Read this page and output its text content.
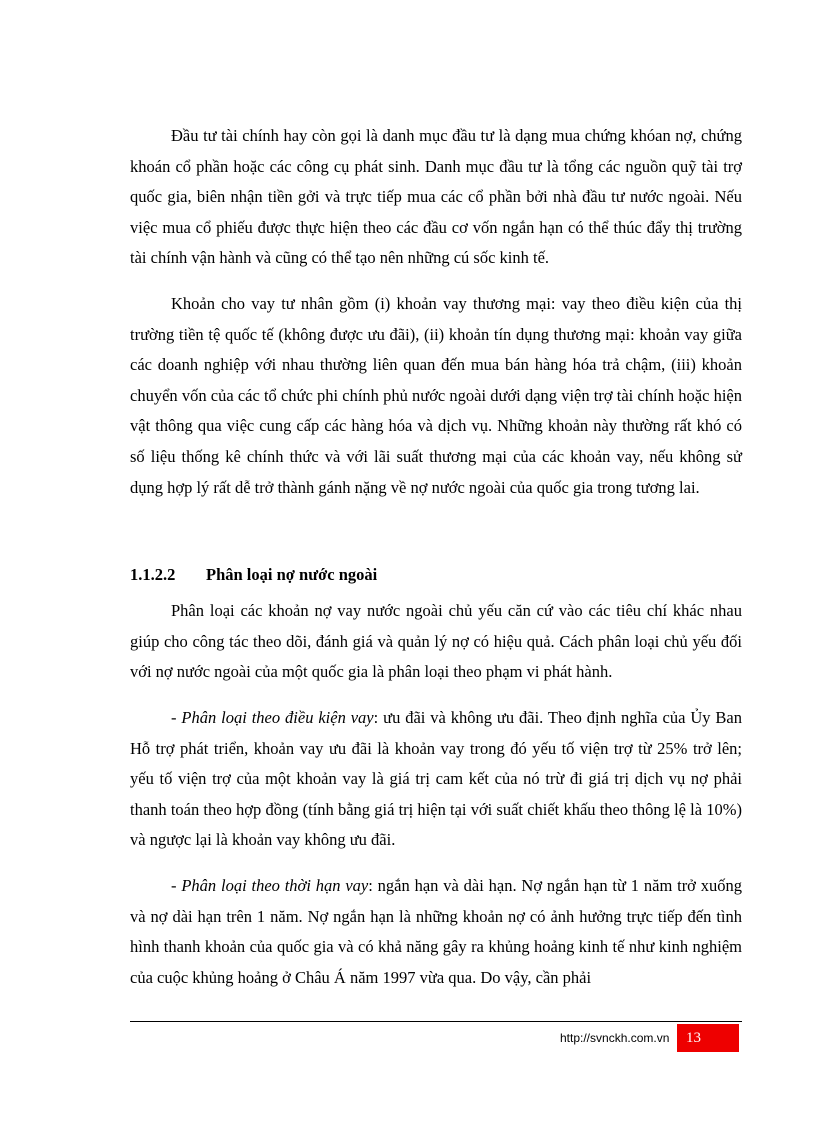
Đầu tư tài chính hay còn gọi là danh mục đầu tư là dạng mua chứng khóan nợ, chứng khoán cổ phần hoặc các công cụ phát sinh. Danh mục đầu tư là tổng các nguồn quỹ tài trợ quốc gia, biên nhận tiền gởi và trực tiếp mua các cổ phần bởi nhà đầu tư nước ngoài. Nếu việc mua cổ phiếu được thực hiện theo các đầu cơ vốn ngắn hạn có thể thúc đẩy thị trường tài chính vận hành và cũng có thể tạo nên những cú sốc kinh tế.

Khoản cho vay tư nhân gồm (i) khoản vay thương mại: vay theo điều kiện của thị trường tiền tệ quốc tế (không được ưu đãi), (ii) khoản tín dụng thương mại: khoản vay giữa các doanh nghiệp với nhau thường liên quan đến mua bán hàng hóa trả chậm, (iii) khoản chuyển vốn của các tổ chức phi chính phủ nước ngoài dưới dạng viện trợ tài chính hoặc hiện vật thông qua việc cung cấp các hàng hóa và dịch vụ. Những khoản này thường rất khó có số liệu thống kê chính thức và với lãi suất thương mại của các khoản vay, nếu không sử dụng hợp lý rất dễ trở thành gánh nặng về nợ nước ngoài của quốc gia trong tương lai.

1.1.2.2 Phân loại nợ nước ngoài

Phân loại các khoản nợ vay nước ngoài chủ yếu căn cứ vào các tiêu chí khác nhau giúp cho công tác theo dõi, đánh giá và quản lý nợ có hiệu quả. Cách phân loại chủ yếu đối với nợ nước ngoài của một quốc gia là phân loại theo phạm vi phát hành.

- Phân loại theo điều kiện vay: ưu đãi và không ưu đãi. Theo định nghĩa của Ủy Ban Hỗ trợ phát triển, khoản vay ưu đãi là khoản vay trong đó yếu tố viện trợ từ 25% trở lên; yếu tố viện trợ của một khoản vay là giá trị cam kết của nó trừ đi giá trị dịch vụ nợ phải thanh toán theo hợp đồng (tính bằng giá trị hiện tại với suất chiết khấu theo thông lệ là 10%) và ngược lại là khoản vay không ưu đãi.

- Phân loại theo thời hạn vay: ngắn hạn và dài hạn. Nợ ngắn hạn từ 1 năm trở xuống và nợ dài hạn trên 1 năm. Nợ ngắn hạn là những khoản nợ có ảnh hưởng trực tiếp đến tình hình thanh khoản của quốc gia và có khả năng gây ra khủng hoảng kinh tế như kinh nghiệm của cuộc khủng hoảng ở Châu Á năm 1997 vừa qua. Do vậy, cần phải

http://svnckh.com.vn	13
